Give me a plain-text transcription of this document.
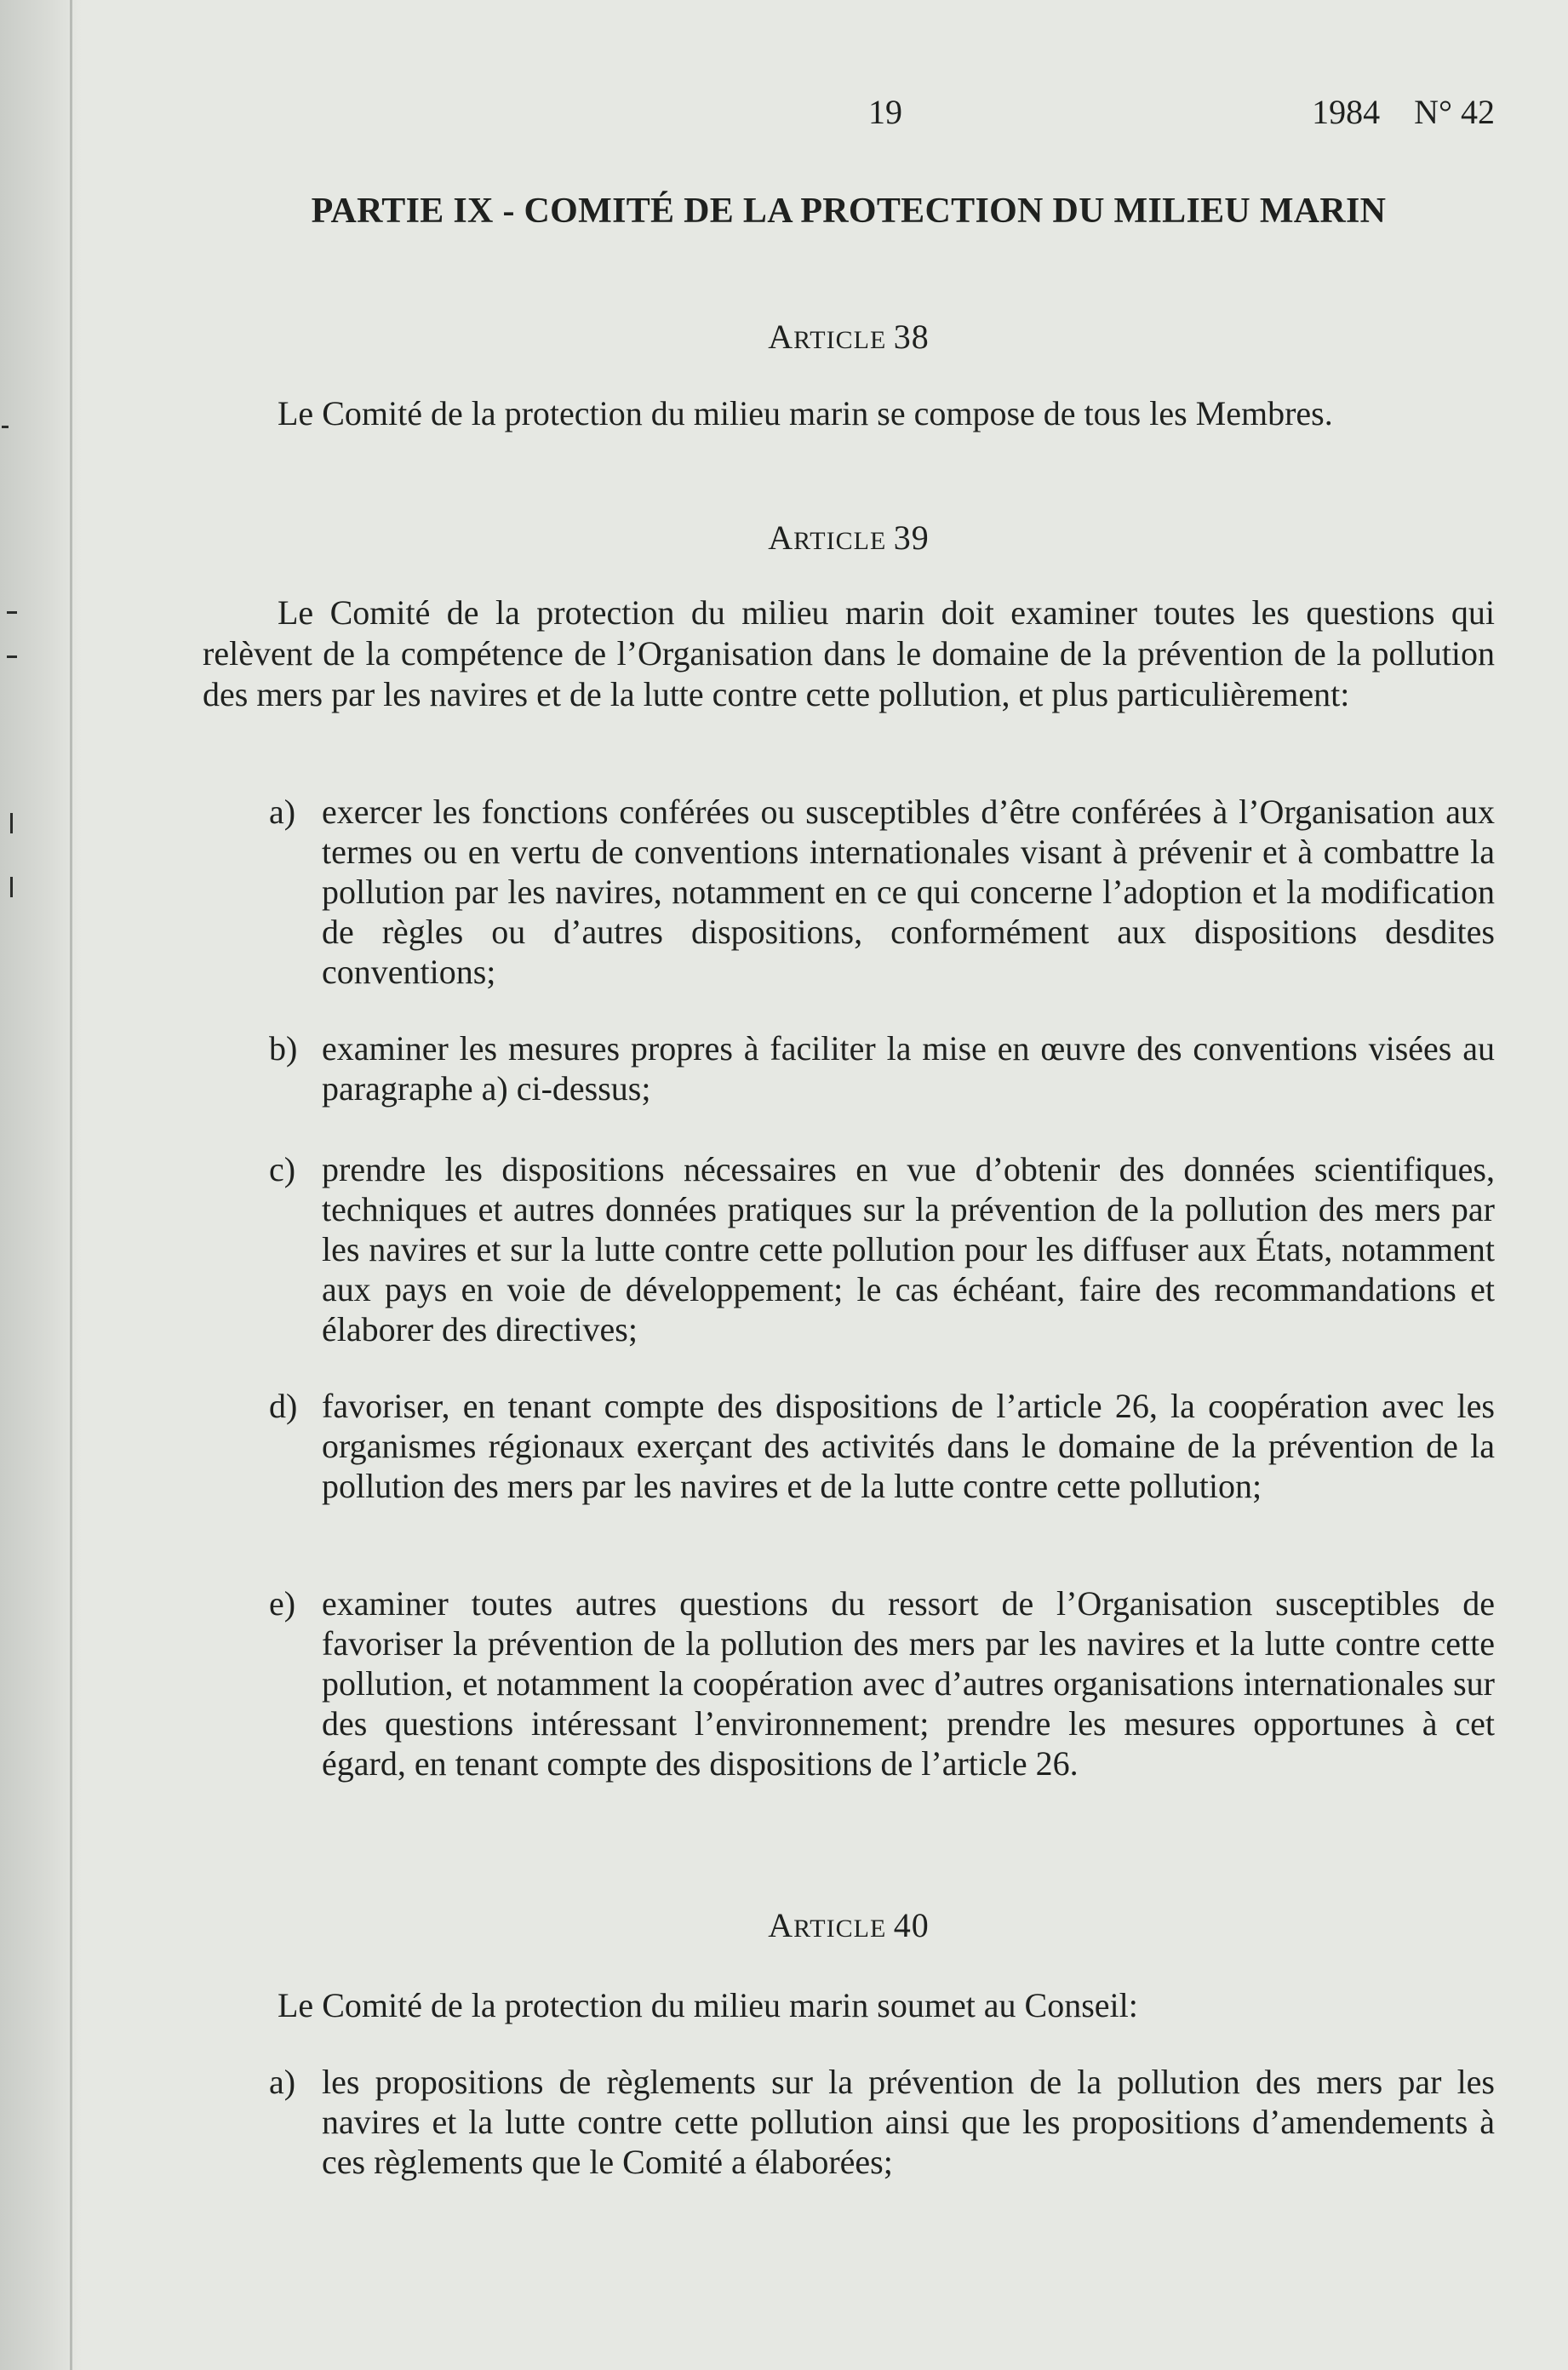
19	1984 N° 42
PARTIE IX - COMITÉ DE LA PROTECTION DU MILIEU MARIN
ARTICLE 38

Le Comité de la protection du milieu marin se compose de tous les Membres.

ARTICLE 39

Le Comité de la protection du milieu marin doit examiner toutes les questions qui relèvent de la compétence de l’Organisation dans le domaine de la prévention de la pollution des mers par les navires et de la lutte contre cette pollution, et plus particulièrement:

a) exercer les fonctions conférées ou susceptibles d’être conférées à l’Organisation aux termes ou en vertu de conventions internationales visant à prévenir et à combattre la pollution par les navires, notamment en ce qui concerne l’adoption et la modification de règles ou d’autres dispositions, conformément aux dispositions desdites conventions;

b) examiner les mesures propres à faciliter la mise en œuvre des conventions visées au paragraphe a) ci-dessus;

c) prendre les dispositions nécessaires en vue d’obtenir des données scientifiques, techniques et autres données pratiques sur la prévention de la pollution des mers par les navires et sur la lutte contre cette pollution pour les diffuser aux États, notamment aux pays en voie de développement; le cas échéant, faire des recommandations et élaborer des directives;

d) favoriser, en tenant compte des dispositions de l’article 26, la coopération avec les organismes régionaux exerçant des activités dans le domaine de la prévention de la pollution des mers par les navires et de la lutte contre cette pollution;

e) examiner toutes autres questions du ressort de l’Organisation susceptibles de favoriser la prévention de la pollution des mers par les navires et la lutte contre cette pollution, et notamment la coopération avec d’autres organisations internationales sur des questions intéressant l’environnement; prendre les mesures opportunes à cet égard, en tenant compte des dispositions de l’article 26.

ARTICLE 40

Le Comité de la protection du milieu marin soumet au Conseil:

a) les propositions de règlements sur la prévention de la pollution des mers par les navires et la lutte contre cette pollution ainsi que les propositions d’amendements à ces règlements que le Comité a élaborées;
